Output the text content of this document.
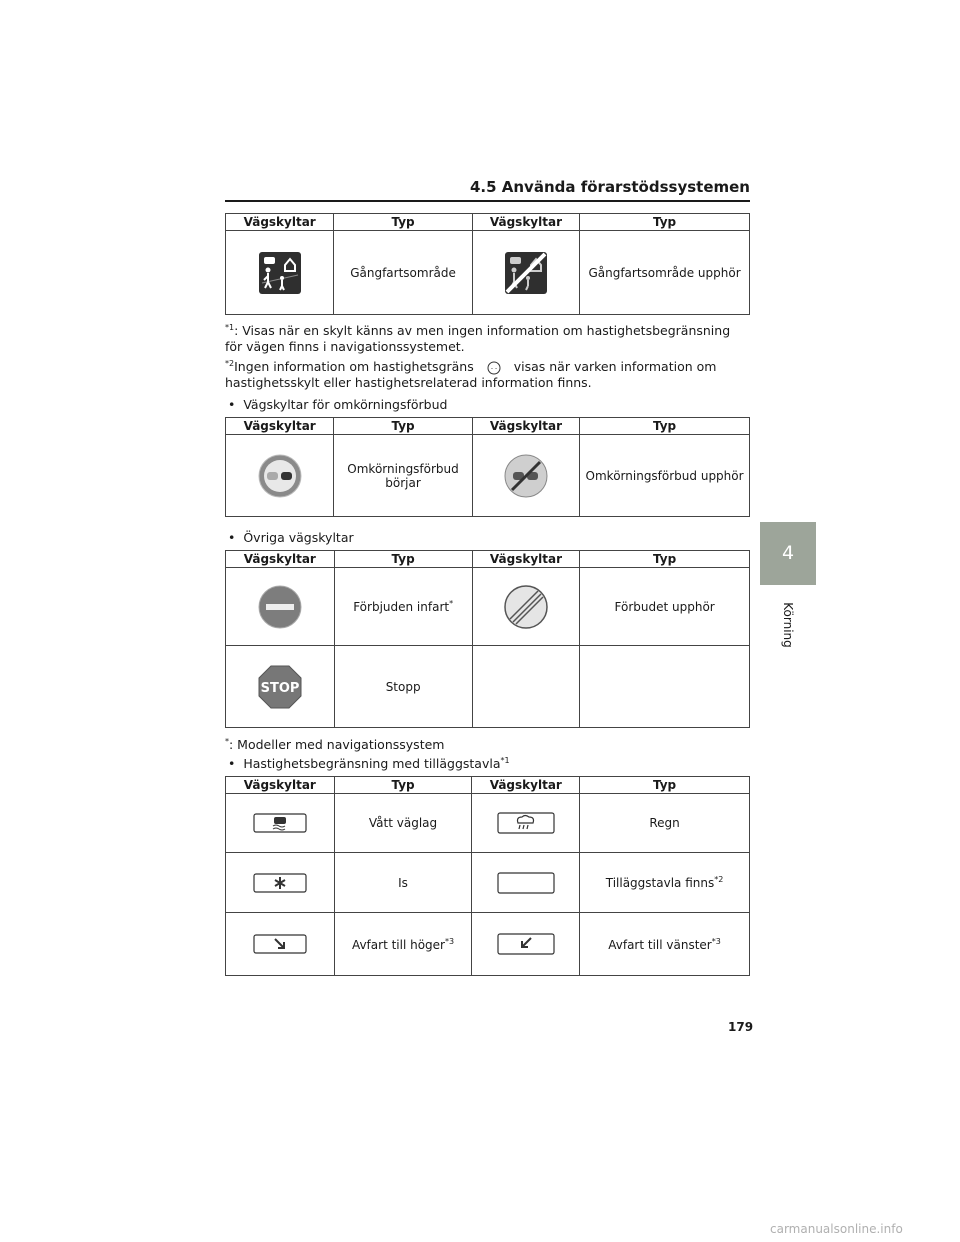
4.5 Använda förarstödssystemen
4
Körning
Vägskyltar	Typ	Vägskyltar	Typ

	Gångfartsområde		Gångfartsområde upphör
$^{*1}$: Visas när en skylt känns av men ingen information om hastighetsbegränsning för vägen finns i navigationssystemet.
$^{*2}$Ingen information om hastighetsgräns	- - visas när varken information om hastighetsskylt eller hastighetsrelaterad information finns.
•  Vägskyltar för omkörningsförbud
Vägskyltar	Typ	Vägskyltar	Typ

	Omkörningsförbud börjar		Omkörningsförbud upphör
•  Övriga vägskyltar
Vägskyltar	Typ	Vägskyltar	Typ

	Förbjuden infart*		Förbudet upphör

STOP	Stopp		
*: Modeller med navigationssystem
•  Hastighetsbegränsning med tilläggstavla$^{*1}$
Vägskyltar	Typ	Vägskyltar	Typ

	Vått väglag		Regn

	Is		Tilläggstavla finns$^{*2}$

	Avfart till höger$^{*3}$		Avfart till vänster$^{*3}$
179
carmanualsonline.info
